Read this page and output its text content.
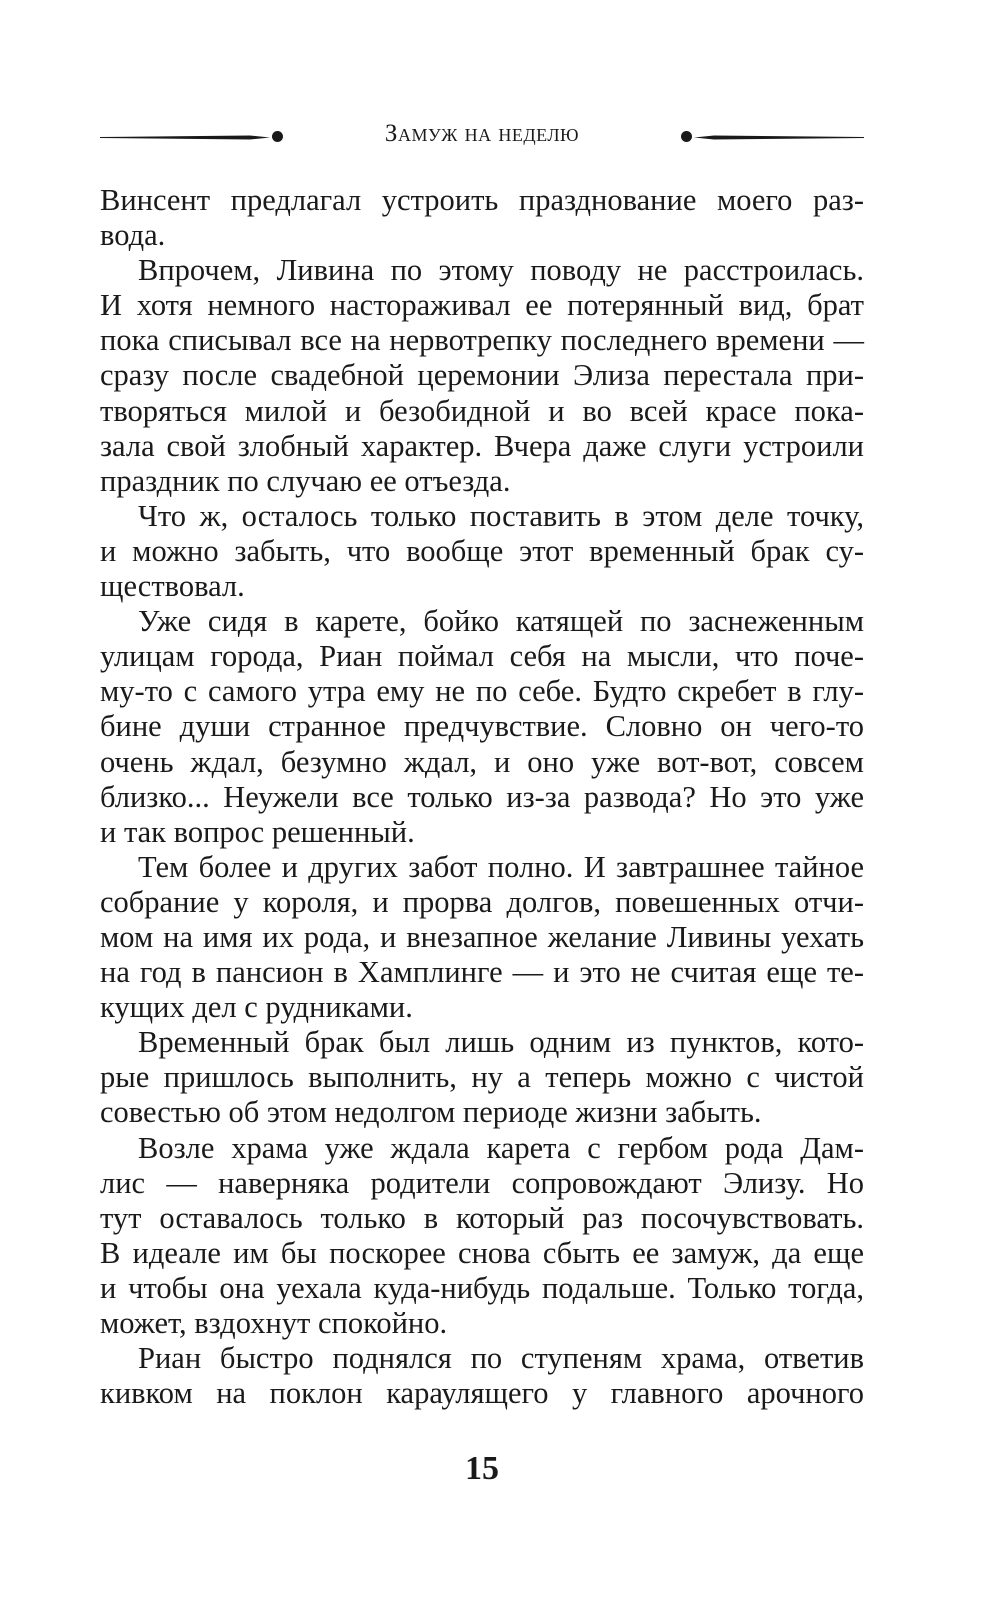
Замуж на неделю
Винсент предлагал устроить празднование моего раз-
вода.
Впрочем, Ливина по этому поводу не расстроилась.
И хотя немного настораживал ее потерянный вид, брат
пока списывал все на нервотрепку последнего времени —
сразу после свадебной церемонии Элиза перестала при-
творяться милой и безобидной и во всей красе пока-
зала свой злобный характер. Вчера даже слуги устроили
праздник по случаю ее отъезда.
Что ж, осталось только поставить в этом деле точку,
и можно забыть, что вообще этот временный брак су-
ществовал.
Уже сидя в карете, бойко катящей по заснеженным
улицам города, Риан поймал себя на мысли, что поче-
му-то с самого утра ему не по себе. Будто скребет в глу-
бине души странное предчувствие. Словно он чего-то
очень ждал, безумно ждал, и оно уже вот-вот, совсем
близко... Неужели все только из-за развода? Но это уже
и так вопрос решенный.
Тем более и других забот полно. И завтрашнее тайное
собрание у короля, и прорва долгов, повешенных отчи-
мом на имя их рода, и внезапное желание Ливины уехать
на год в пансион в Хамплинге — и это не считая еще те-
кущих дел с рудниками.
Временный брак был лишь одним из пунктов, кото-
рые пришлось выполнить, ну а теперь можно с чистой
совестью об этом недолгом периоде жизни забыть.
Возле храма уже ждала карета с гербом рода Дам-
лис — наверняка родители сопровождают Элизу. Но
тут оставалось только в который раз посочувствовать.
В идеале им бы поскорее снова сбыть ее замуж, да еще
и чтобы она уехала куда-нибудь подальше. Только тогда,
может, вздохнут спокойно.
Риан быстро поднялся по ступеням храма, ответив
кивком на поклон караулящего у главного арочного
15
